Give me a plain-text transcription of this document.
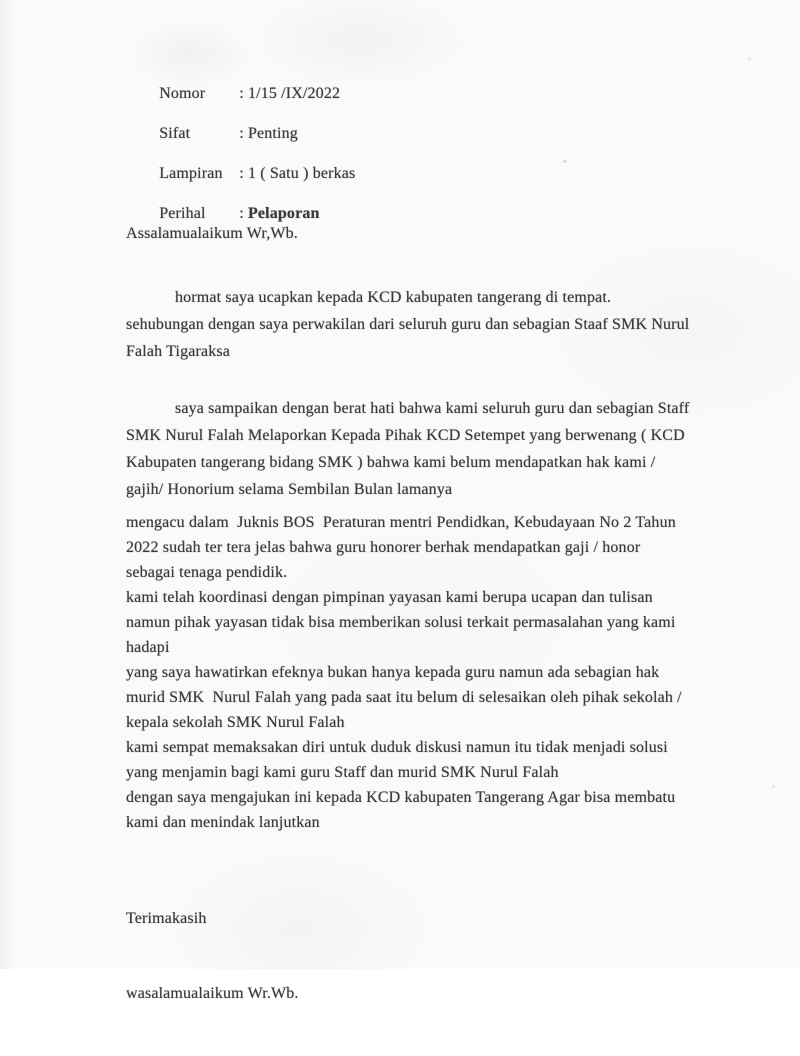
Nomor : 1/15 /IX/2022

Sifat	: Penting

Lampiran : 1 ( Satu ) berkas

Perihal : Pelaporan

Assalamualaikum Wr,Wb.
hormat saya ucapkan kepada KCD kabupaten tangerang di tempat.
sehubungan dengan saya perwakilan dari seluruh guru dan sebagian Staaf SMK Nurul
Falah Tigaraksa
saya sampaikan dengan berat hati bahwa kami seluruh guru dan sebagian Staff
SMK Nurul Falah Melaporkan Kepada Pihak KCD Setempet yang berwenang ( KCD
Kabupaten tangerang bidang SMK ) bahwa kami belum mendapatkan hak kami /
gajih/ Honorium selama Sembilan Bulan lamanya
mengacu dalam  Juknis BOS  Peraturan mentri Pendidkan, Kebudayaan No 2 Tahun
2022 sudah ter tera jelas bahwa guru honorer berhak mendapatkan gaji / honor
sebagai tenaga pendidik.
kami telah koordinasi dengan pimpinan yayasan kami berupa ucapan dan tulisan
namun pihak yayasan tidak bisa memberikan solusi terkait permasalahan yang kami
hadapi
yang saya hawatirkan efeknya bukan hanya kepada guru namun ada sebagian hak
murid SMK  Nurul Falah yang pada saat itu belum di selesaikan oleh pihak sekolah /
kepala sekolah SMK Nurul Falah
kami sempat memaksakan diri untuk duduk diskusi namun itu tidak menjadi solusi
yang menjamin bagi kami guru Staff dan murid SMK Nurul Falah
dengan saya mengajukan ini kepada KCD kabupaten Tangerang Agar bisa membatu
kami dan menindak lanjutkan

Terimakasih

wasalamualaikum Wr.Wb.
